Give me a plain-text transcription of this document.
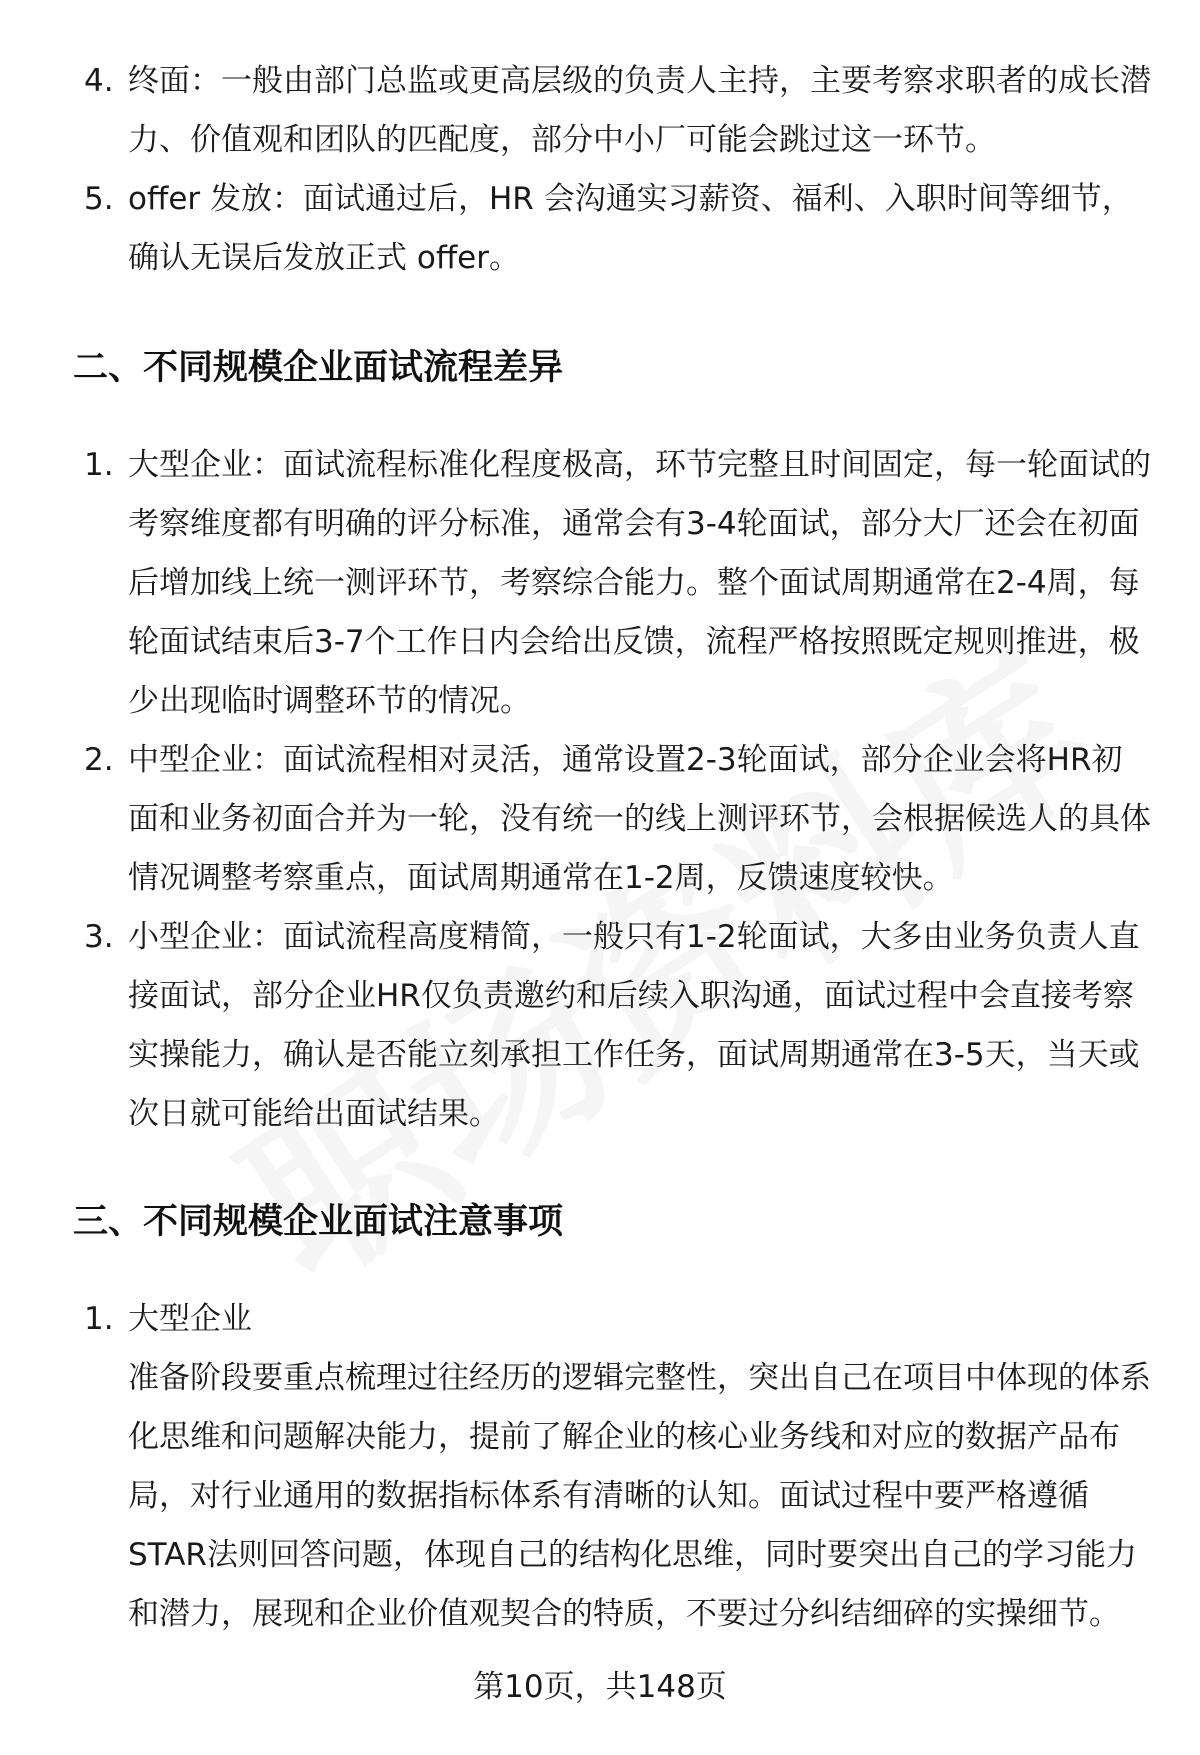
4. 终面：一般由部门总监或更高层级的负责人主持，主要考察求职者的成长潜力、价值观和团队的匹配度，部分中小厂可能会跳过这一环节。
5. offer 发放：面试通过后，HR 会沟通实习薪资、福利、入职时间等细节，确认无误后发放正式 offer。
二、不同规模企业面试流程差异
1. 大型企业：面试流程标准化程度极高，环节完整且时间固定，每一轮面试的考察维度都有明确的评分标准，通常会有3-4轮面试，部分大厂还会在初面后增加线上统一测评环节，考察综合能力。整个面试周期通常在2-4周，每轮面试结束后3-7个工作日内会给出反馈，流程严格按照既定规则推进，极少出现临时调整环节的情况。
2. 中型企业：面试流程相对灵活，通常设置2-3轮面试，部分企业会将HR初面和业务初面合并为一轮，没有统一的线上测评环节，会根据候选人的具体情况调整考察重点，面试周期通常在1-2周，反馈速度较快。
3. 小型企业：面试流程高度精简，一般只有1-2轮面试，大多由业务负责人直接面试，部分企业HR仅负责邀约和后续入职沟通，面试过程中会直接考察实操能力，确认是否能立刻承担工作任务，面试周期通常在3-5天，当天或次日就可能给出面试结果。
三、不同规模企业面试注意事项
1. 大型企业
准备阶段要重点梳理过往经历的逻辑完整性，突出自己在项目中体现的体系化思维和问题解决能力，提前了解企业的核心业务线和对应的数据产品布局，对行业通用的数据指标体系有清晰的认知。面试过程中要严格遵循STAR法则回答问题，体现自己的结构化思维，同时要突出自己的学习能力和潜力，展现和企业价值观契合的特质，不要过分纠结细碎的实操细节。
第10页，共148页
